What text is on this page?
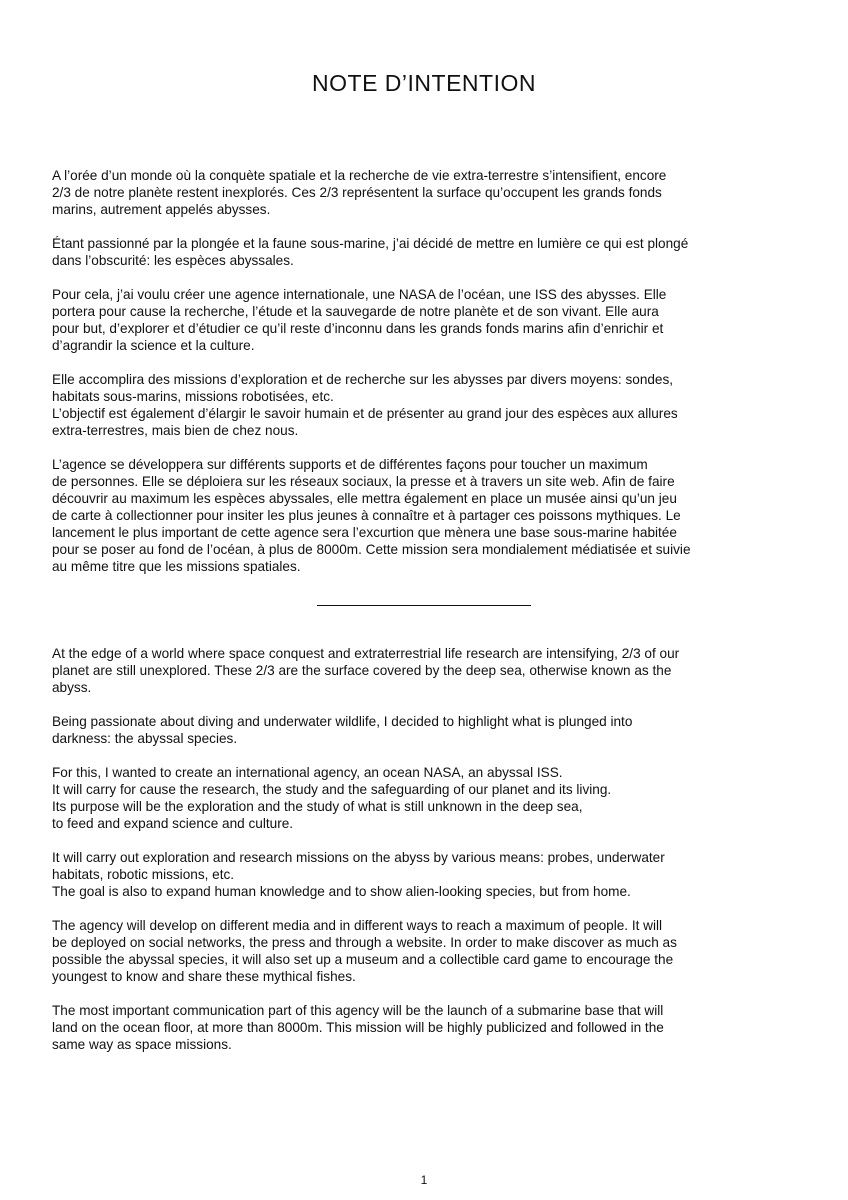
NOTE D’INTENTION

A l’orée d’un monde où la conquète spatiale et la recherche de vie extra-terrestre s’intensifient, encore
2/3 de notre planète restent inexplorés. Ces 2/3 représentent la surface qu’occupent les grands fonds
marins, autrement appelés abysses.

Étant passionné par la plongée et la faune sous-marine, j’ai décidé de mettre en lumière ce qui est plongé
dans l’obscurité: les espèces abyssales.

Pour cela, j’ai voulu créer une agence internationale, une NASA de l’océan, une ISS des abysses. Elle
portera pour cause la recherche, l’étude et la sauvegarde de notre planète et de son vivant. Elle aura
pour but, d’explorer et d’étudier ce qu’il reste d’inconnu dans les grands fonds marins afin d’enrichir et
d’agrandir la science et la culture.

Elle accomplira des missions d’exploration et de recherche sur les abysses par divers moyens: sondes,
habitats sous-marins, missions robotisées, etc.
L’objectif est également d’élargir le savoir humain et de présenter au grand jour des espèces aux allures
extra-terrestres, mais bien de chez nous.

L’agence se développera sur différents supports et de différentes façons pour toucher un maximum
de personnes. Elle se déploiera sur les réseaux sociaux, la presse et à travers un site web. Afin de faire
découvrir au maximum les espèces abyssales, elle mettra également en place un musée ainsi qu’un jeu
de carte à collectionner pour insiter les plus jeunes à connaître et à partager ces poissons mythiques. Le
lancement le plus important de cette agence sera l’excurtion que mènera une base sous-marine habitée
pour se poser au fond de l’océan, à plus de 8000m. Cette mission sera mondialement médiatisée et suivie
au même titre que les missions spatiales.

At the edge of a world where space conquest and extraterrestrial life research are intensifying, 2/3 of our
planet are still unexplored. These 2/3 are the surface covered by the deep sea, otherwise known as the
abyss.

Being passionate about diving and underwater wildlife, I decided to highlight what is plunged into
darkness: the abyssal species.

For this, I wanted to create an international agency, an ocean NASA, an abyssal ISS.
It will carry for cause the research, the study and the safeguarding of our planet and its living.
Its purpose will be the exploration and the study of what is still unknown in the deep sea,
to feed and expand science and culture.

It will carry out exploration and research missions on the abyss by various means: probes, underwater
habitats, robotic missions, etc.
The goal is also to expand human knowledge and to show alien-looking species, but from home.

The agency will develop on different media and in different ways to reach a maximum of people. It will
be deployed on social networks, the press and through a website. In order to make discover as much as
possible the abyssal species, it will also set up a museum and a collectible card game to encourage the
youngest to know and share these mythical fishes.

The most important communication part of this agency will be the launch of a submarine base that will
land on the ocean floor, at more than 8000m. This mission will be highly publicized and followed in the
same way as space missions.

1
